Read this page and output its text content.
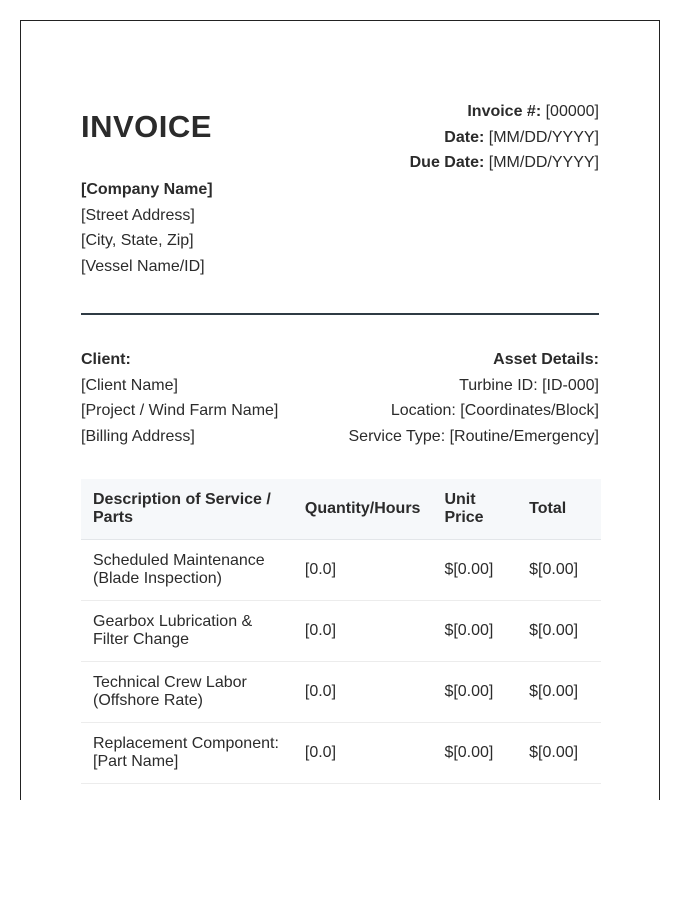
INVOICE	Invoice #: [00000]
Date: [MM/DD/YYYY]
Due Date: [MM/DD/YYYY]
[Company Name]
[Street Address]
[City, State, Zip]
[Vessel Name/ID]
Client:
[Client Name]
[Project / Wind Farm Name]
[Billing Address]
Asset Details:
Turbine ID: [ID-000]
Location: [Coordinates/Block]
Service Type: [Routine/Emergency]
Description of Service / Parts	Quantity/Hours	Unit Price	Total
Scheduled Maintenance (Blade Inspection)	[0.0]	$[0.00]	$[0.00]
Gearbox Lubrication & Filter Change	[0.0]	$[0.00]	$[0.00]
Technical Crew Labor (Offshore Rate)	[0.0]	$[0.00]	$[0.00]
Replacement Component: [Part Name]	[0.0]	$[0.00]	$[0.00]
